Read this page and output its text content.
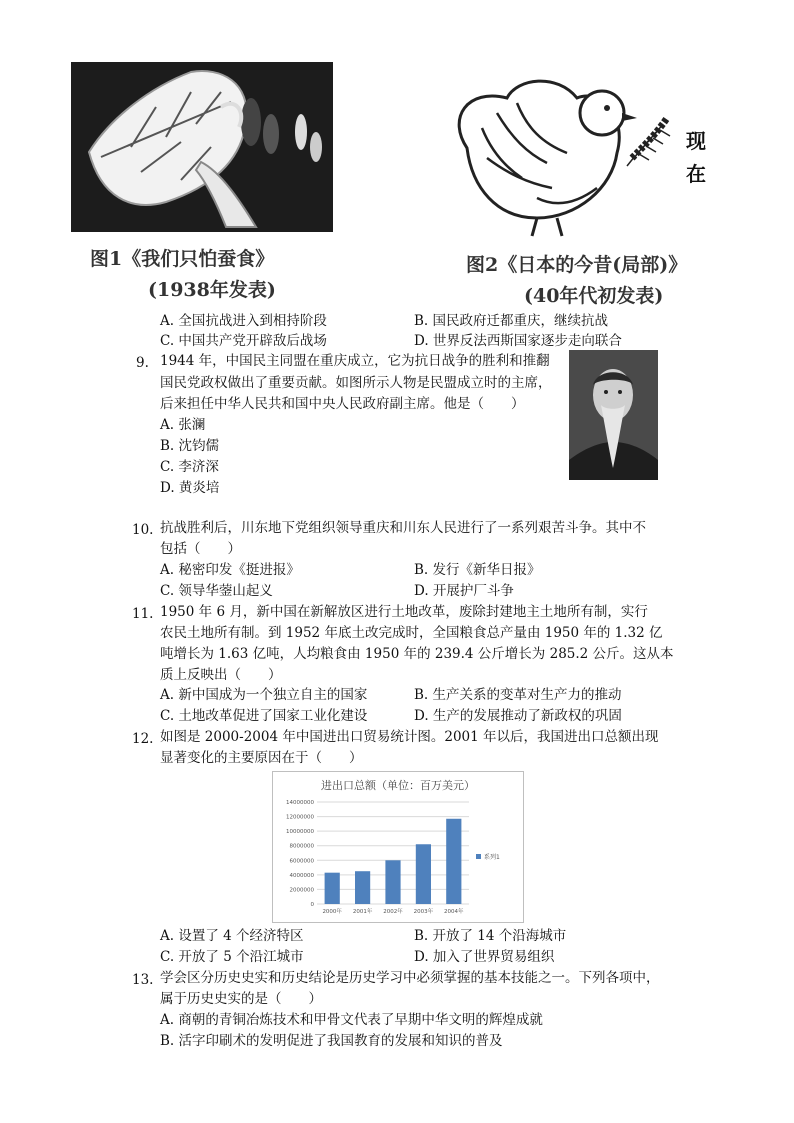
图1《我们只怕蚕食》
(1938年发表)
现
在
图2《日本的今昔(局部)》
(40年代初发表)
A. 全国抗战进入到相持阶段	B. 国民政府迁都重庆，继续抗战
C. 中国共产党开辟敌后战场	D. 世界反法西斯国家逐步走向联合
9. 1944 年，中国民主同盟在重庆成立，它为抗日战争的胜利和推翻
国民党政权做出了重要贡献。如图所示人物是民盟成立时的主席，
后来担任中华人民共和国中央人民政府副主席。他是（　　）
A. 张澜
B. 沈钧儒
C. 李济深
D. 黄炎培
10. 抗战胜利后，川东地下党组织领导重庆和川东人民进行了一系列艰苦斗争。其中不
包括（　　）
A. 秘密印发《挺进报》	B. 发行《新华日报》
C. 领导华蓥山起义	D. 开展护厂斗争
11. 1950 年 6 月，新中国在新解放区进行土地改革，废除封建地主土地所有制，实行
农民土地所有制。到 1952 年底土改完成时，全国粮食总产量由 1950 年的 1.32 亿
吨增长为 1.63 亿吨，人均粮食由 1950 年的 239.4 公斤增长为 285.2 公斤。这从本
质上反映出（　　）
A. 新中国成为一个独立自主的国家	B. 生产关系的变革对生产力的推动
C. 土地改革促进了国家工业化建设	D. 生产的发展推动了新政权的巩固
12. 如图是 2000-2004 年中国进出口贸易统计图。2001 年以后，我国进出口总额出现
显著变化的主要原因在于（　　）
进出口总额（单位：百万美元）
0
2000000
4000000
6000000
8000000
10000000
12000000
14000000
2000年 2001年 2002年 2003年 2004年
系列1
A. 设置了 4 个经济特区	B. 开放了 14 个沿海城市
C. 开放了 5 个沿江城市	D. 加入了世界贸易组织
13. 学会区分历史史实和历史结论是历史学习中必须掌握的基本技能之一。下列各项中，
属于历史史实的是（　　）
A. 商朝的青铜冶炼技术和甲骨文代表了早期中华文明的辉煌成就
B. 活字印刷术的发明促进了我国教育的发展和知识的普及
